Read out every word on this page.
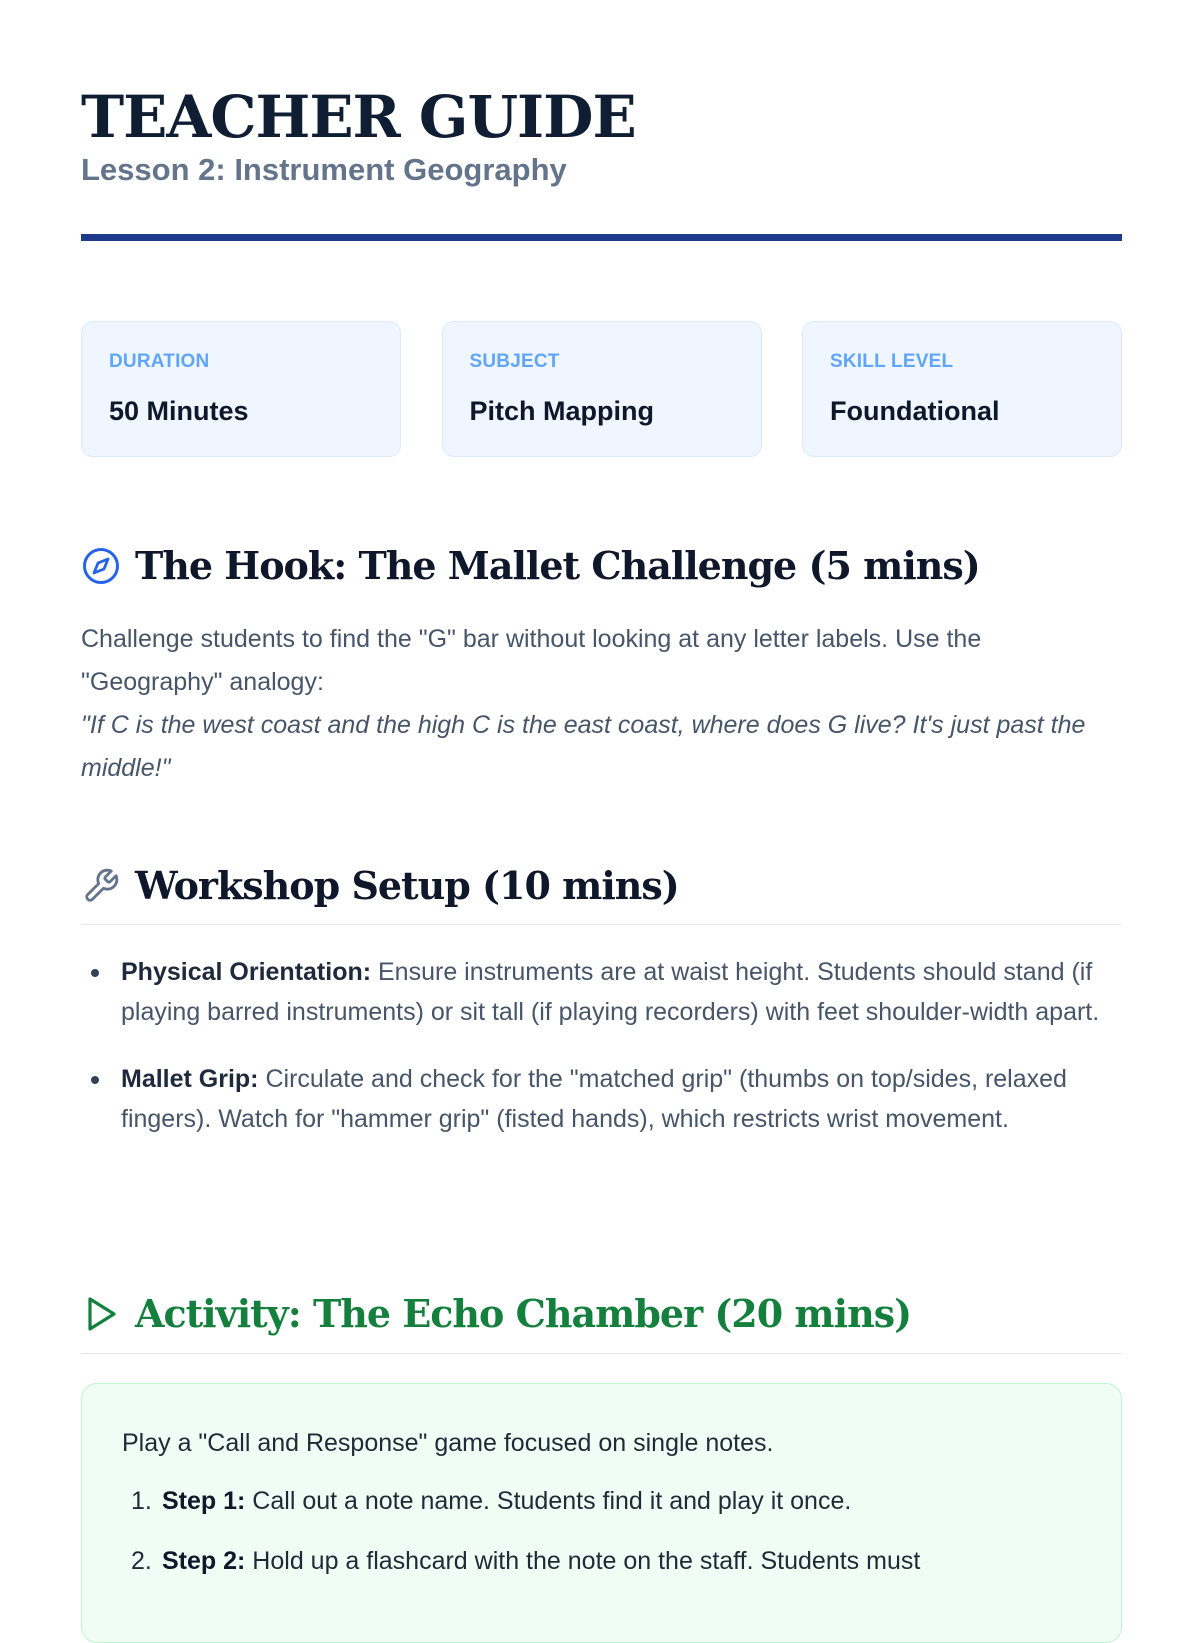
TEACHER GUIDE
Lesson 2: Instrument Geography
DURATION
50 Minutes
SUBJECT
Pitch Mapping
SKILL LEVEL
Foundational
The Hook: The Mallet Challenge (5 mins)

Challenge students to find the "G" bar without looking at any letter labels. Use the "Geography" analogy:
"If C is the west coast and the high C is the east coast, where does G live? It's just past the middle!"

Workshop Setup (10 mins)
Physical Orientation: Ensure instruments are at waist height. Students should stand (if playing barred instruments) or sit tall (if playing recorders) with feet shoulder-width apart.
Mallet Grip: Circulate and check for the "matched grip" (thumbs on top/sides, relaxed fingers). Watch for "hammer grip" (fisted hands), which restricts wrist movement.
Activity: The Echo Chamber (20 mins)

Play a "Call and Response" game focused on single notes.

1. Step 1: Call out a note name. Students find it and play it once.
2. Step 2: Hold up a flashcard with the note on the staff. Students must
